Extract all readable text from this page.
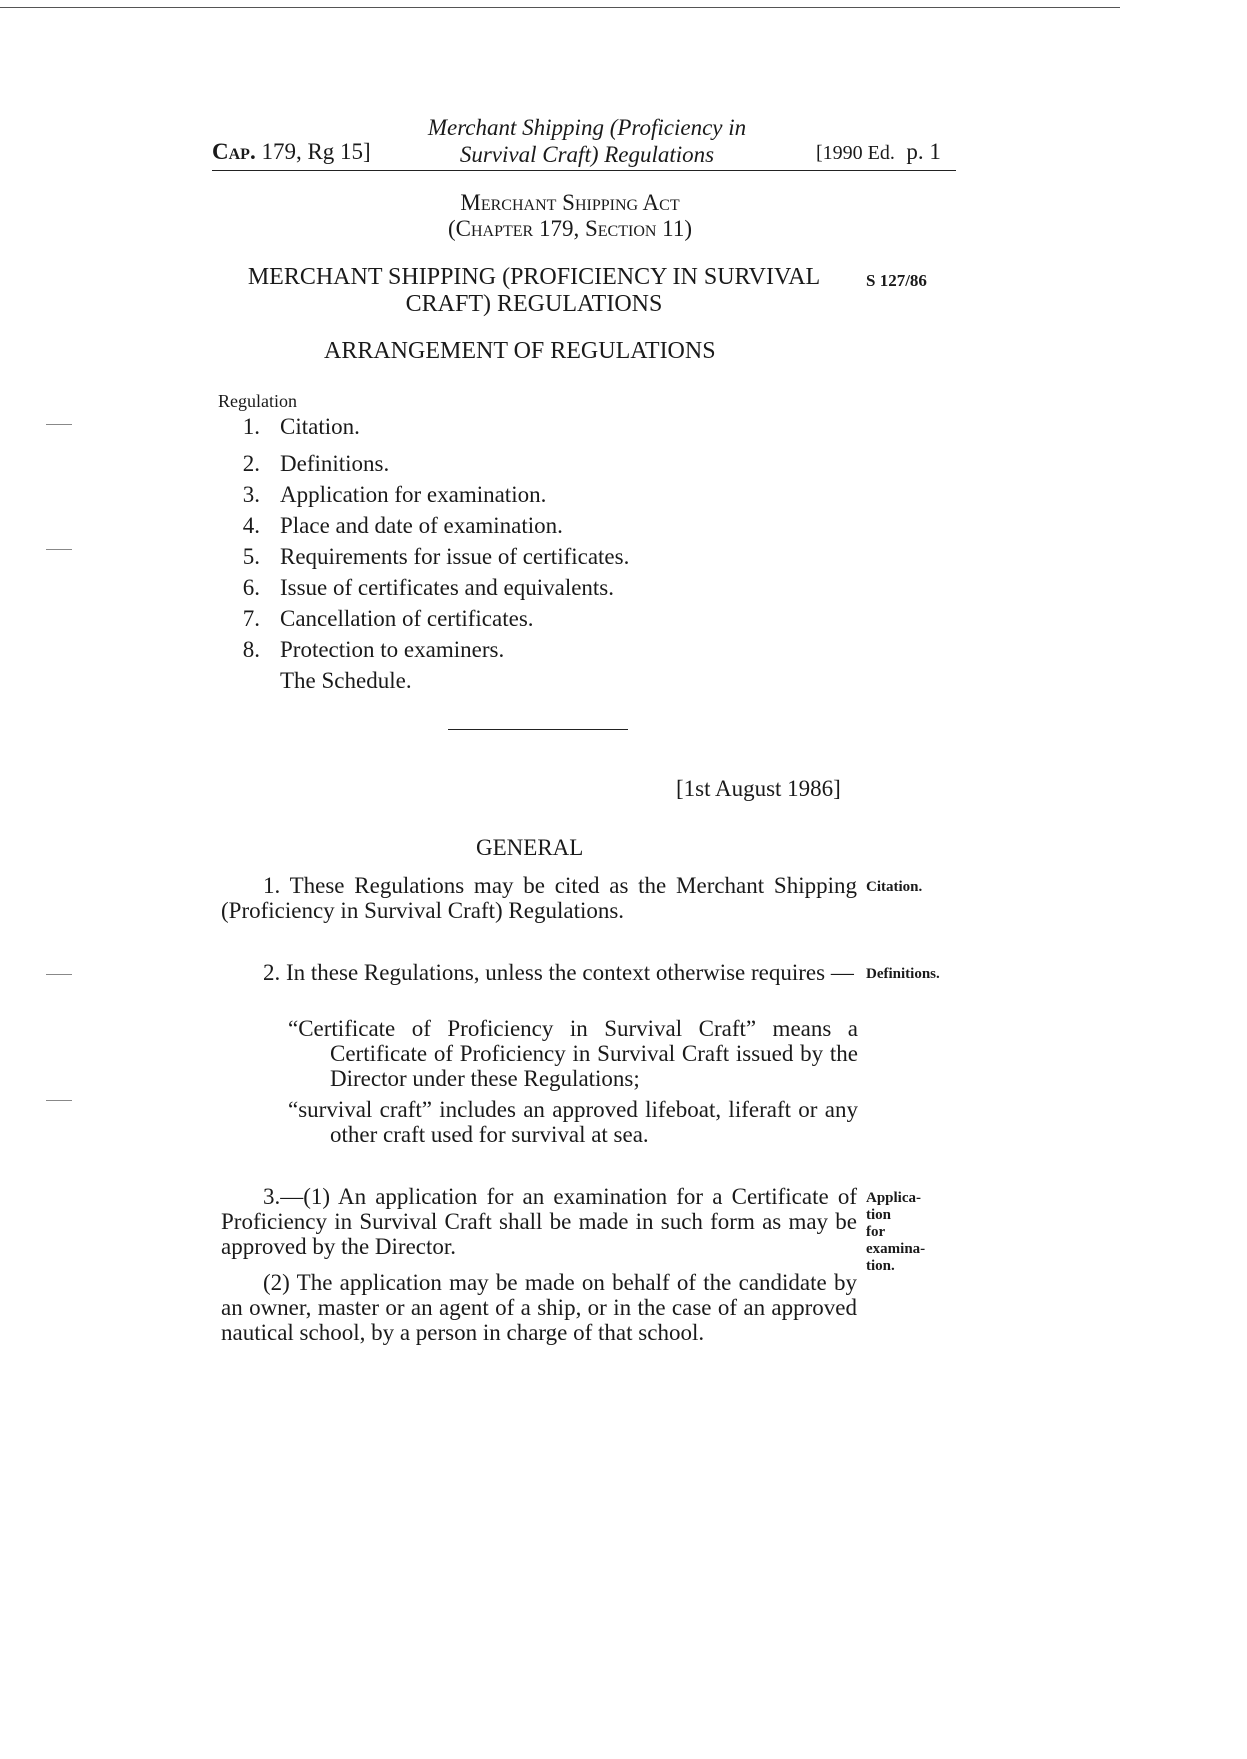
Cap. 179, Rg 15]
Merchant Shipping (Proficiency in
Survival Craft) Regulations	[1990 Ed. p. 1
Merchant Shipping Act
(Chapter 179, Section 11)
MERCHANT SHIPPING (PROFICIENCY IN SURVIVAL
CRAFT) REGULATIONS
S 127/86
ARRANGEMENT OF REGULATIONS
Regulation
1. Citation.
2. Definitions.
3. Application for examination.
4. Place and date of examination.
5. Requirements for issue of certificates.
6. Issue of certificates and equivalents.
7. Cancellation of certificates.
8. Protection to examiners.
The Schedule.
[1st August 1986]
GENERAL
1. These Regulations may be cited as the Merchant Shipping (Proficiency in Survival Craft) Regulations.
Citation.
2. In these Regulations, unless the context otherwise requires — Definitions.
“Certificate of Proficiency in Survival Craft” means a Certificate of Proficiency in Survival Craft issued by the Director under these Regulations;
“survival craft” includes an approved lifeboat, liferaft or any other craft used for survival at sea.
3.—(1) An application for an examination for a Certificate of Proficiency in Survival Craft shall be made in such form as may be approved by the Director.
(2) The application may be made on behalf of the candidate by an owner, master or an agent of a ship, or in the case of an approved nautical school, by a person in charge of that school.
Applica-
tion
for
examina-
tion.
